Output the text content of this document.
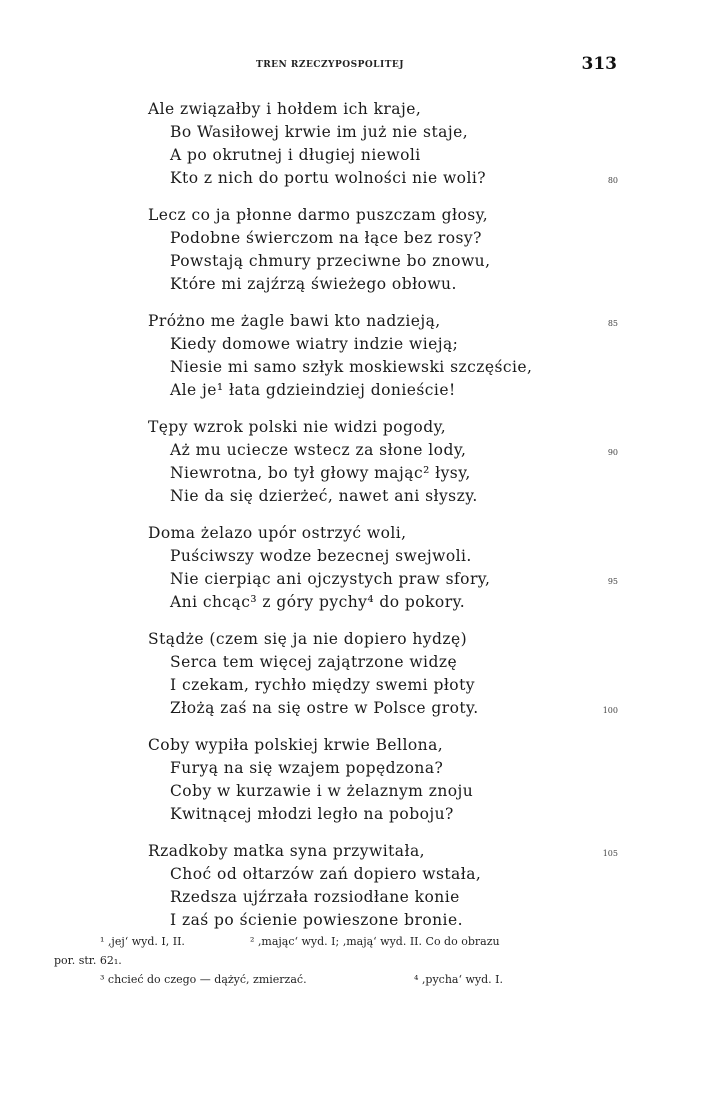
TREN RZECZYPOSPOLITEJ	313
Ale związałby i hołdem ich kraje,
Bo Wasiłowej krwie im już nie staje,
A po okrutnej i długiej niewoli
Kto z nich do portu wolności nie woli?	80
Lecz co ja płonne darmo puszczam głosy,
Podobne świerczom na łące bez rosy?
Powstają chmury przeciwne bo znowu,
Które mi zajźrzą świeżego obłowu.
Próżno me żagle bawi kto nadzieją,	85
Kiedy domowe wiatry indzie wieją;
Niesie mi samo szłyk moskiewski szczęście,
Ale je¹ łata gdzieindziej donieście!
Tępy wzrok polski nie widzi pogody,
Aż mu uciecze wstecz za słone lody,	90
Niewrotna, bo tył głowy mając² łysy,
Nie da się dzierżeć, nawet ani słyszy.
Doma żelazo upór ostrzyć woli,
Puściwszy wodze bezecnej swejwoli.
Nie cierpiąc ani ojczystych praw sfory,	95
Ani chcąc³ z góry pychy⁴ do pokory.
Stądże (czem się ja nie dopiero hydzę)
Serca tem więcej zajątrzone widzę
I czekam, rychło między swemi płoty
Złożą zaś na się ostre w Polsce groty.	100
Coby wypiła polskiej krwie Bellona,
Furyą na się wzajem popędzona?
Coby w kurzawie i w żelaznym znoju
Kwitnącej młodzi legło na poboju?
Rzadkoby matka syna przywitała,	105
Choć od ołtarzów zań dopiero wstała,
Rzedsza ujźrzała rozsiodłane konie
I zaś po ścienie powieszone bronie.
¹ ‚jej‘ wyd. I, II.	² ‚mając‘ wyd. I; ‚mają‘ wyd. II. Co do obrazu
por. str. 62₁.
³ chcieć do czego — dążyć, zmierzać.	⁴ ‚pycha‘ wyd. I.
